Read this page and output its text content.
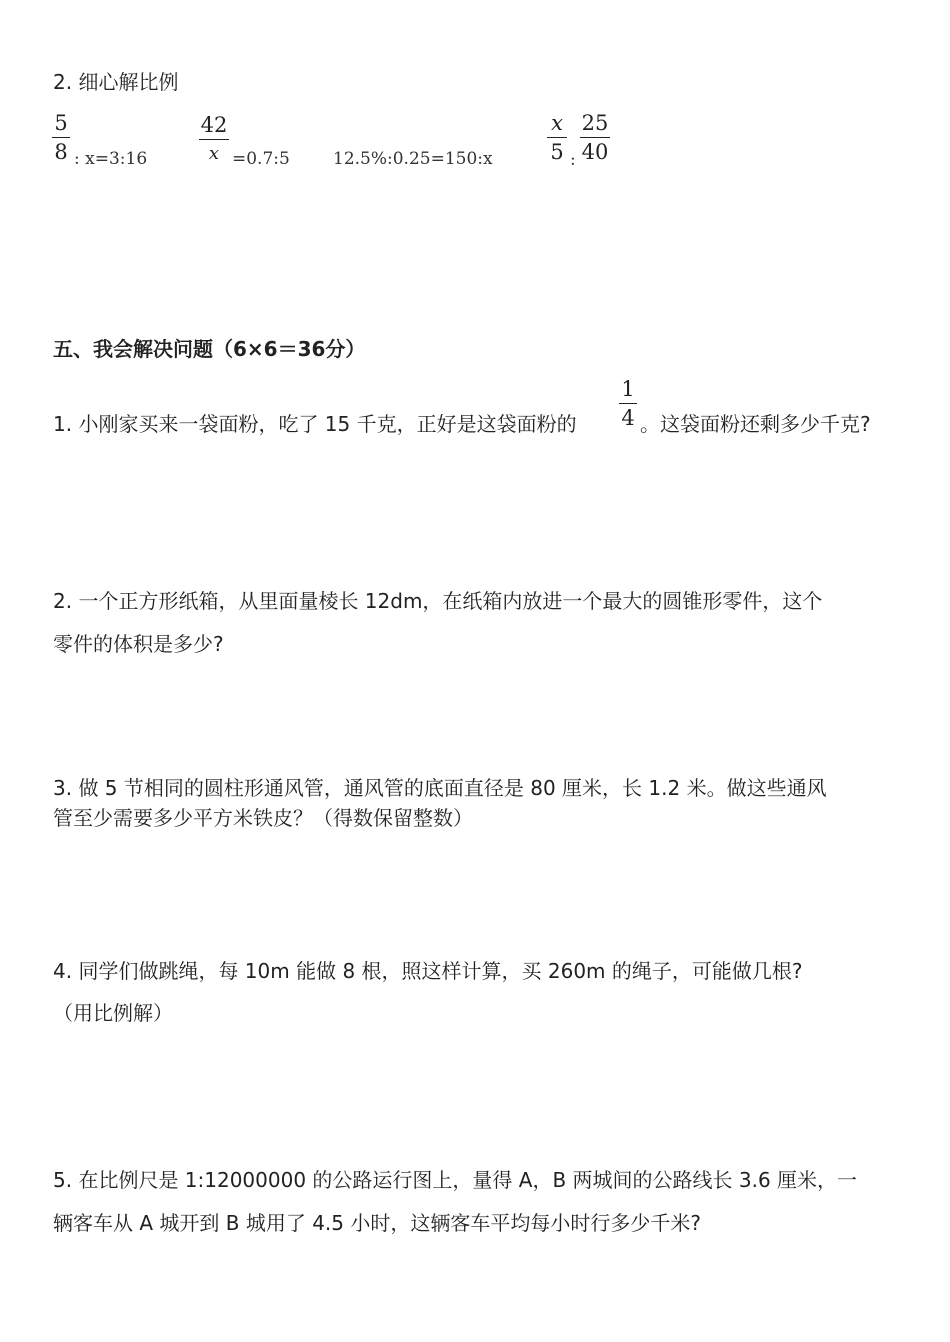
2. 细心解比例
5
8 : x=3:16
42
x =0.7:5	12.5%:0.25=150:x
x
5 :
25
40
五、我会解决问题（6×6＝36分）
1. 小刚家买来一袋面粉，吃了 15 千克，正好是这袋面粉的
1
4 。这袋面粉还剩多少千克?
2. 一个正方形纸箱，从里面量棱长 12dm，在纸箱内放进一个最大的圆锥形零件，这个
零件的体积是多少?
3. 做 5 节相同的圆柱形通风管，通风管的底面直径是 80 厘米，长 1.2 米。做这些通风
管至少需要多少平方米铁皮？（得数保留整数）
4. 同学们做跳绳，每 10m 能做 8 根，照这样计算，买 260m 的绳子，可能做几根?
（用比例解）
5. 在比例尺是 1:12000000 的公路运行图上，量得 A，B 两城间的公路线长 3.6 厘米，一
辆客车从 A 城开到 B 城用了 4.5 小时，这辆客车平均每小时行多少千米?
